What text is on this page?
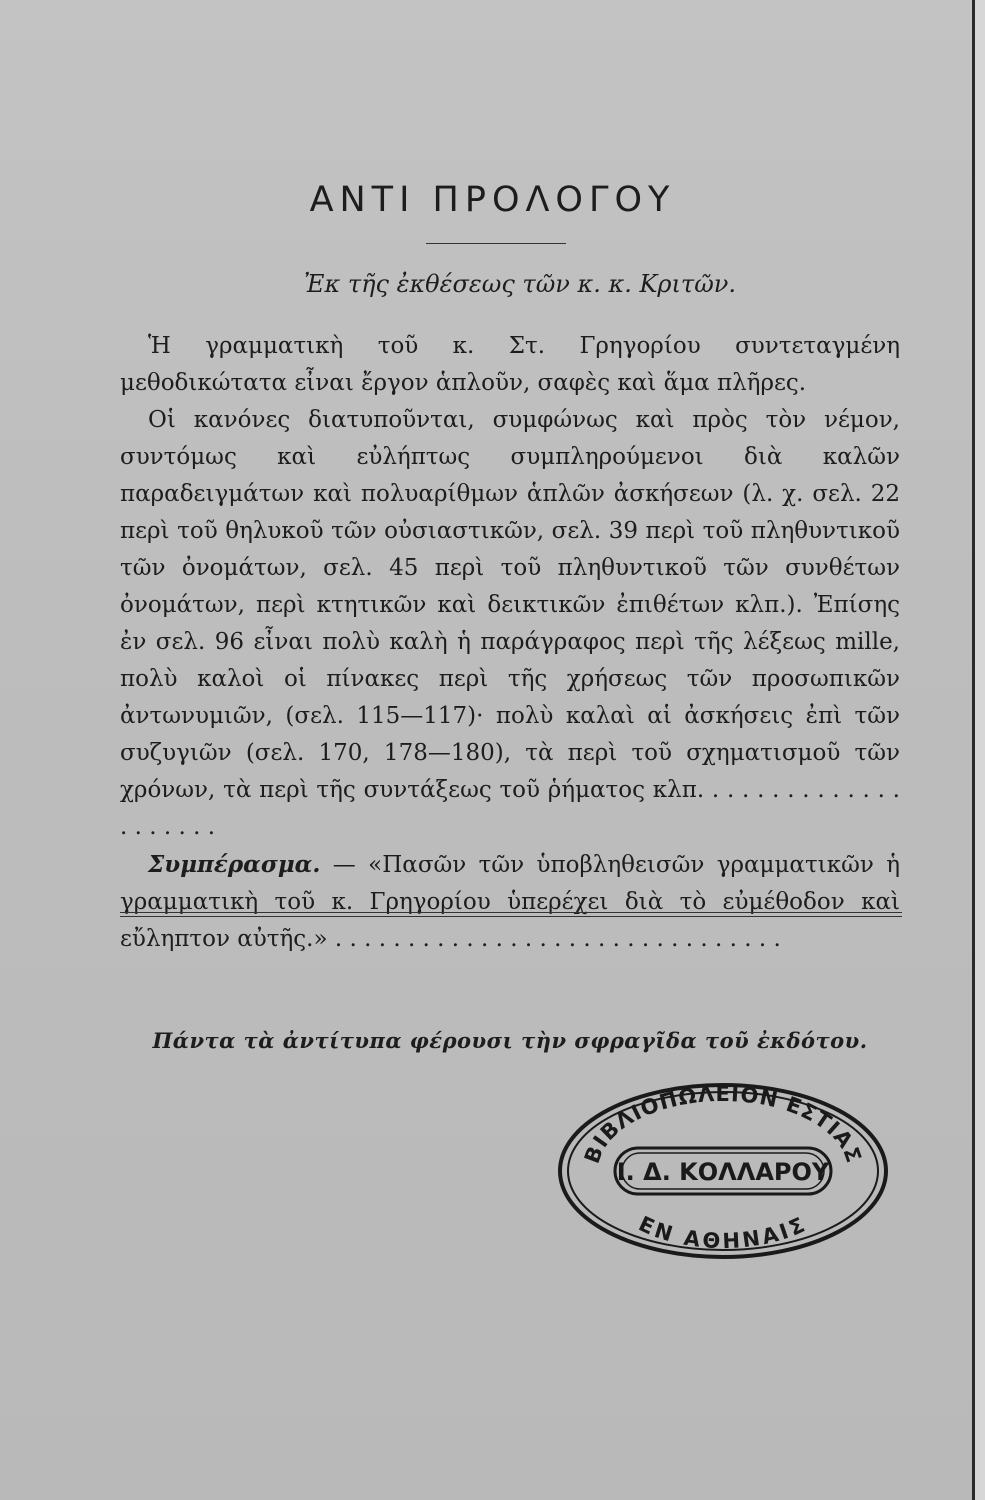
ΑΝΤΙ ΠΡΟΛΟΓΟΥ
Ἐκ τῆς ἐκθέσεως τῶν κ. κ. Κριτῶν.

Ἡ γραμματικὴ τοῦ κ. Στ. Γρηγορίου συντεταγμένη μεθοδικώτατα εἶναι ἔργον ἁπλοῦν, σαφὲς καὶ ἅμα πλῆρες.

Οἱ κανόνες διατυποῦνται, συμφώνως καὶ πρὸς τὸν νέμον, συντόμως καὶ εὐλήπτως συμπληρούμενοι διὰ καλῶν παραδειγμάτων καὶ πολυαρίθμων ἁπλῶν ἀσκήσεων (λ. χ. σελ. 22 περὶ τοῦ θηλυκοῦ τῶν οὐσιαστικῶν, σελ. 39 περὶ τοῦ πληθυντικοῦ τῶν ὀνομάτων, σελ. 45 περὶ τοῦ πληθυντικοῦ τῶν συνθέτων ὀνομάτων, περὶ κτητικῶν καὶ δεικτικῶν ἐπιθέτων κλπ.). Ἐπίσης ἐν σελ. 96 εἶναι πολὺ καλὴ ἡ παράγραφος περὶ τῆς λέξεως mille, πολὺ καλοὶ οἱ πίνακες περὶ τῆς χρήσεως τῶν προσωπικῶν ἀντωνυμιῶν, (σελ. 115—117)· πολὺ καλαὶ αἱ ἀσκήσεις ἐπὶ τῶν συζυγιῶν (σελ. 170, 178—180), τὰ περὶ τοῦ σχηματισμοῦ τῶν χρόνων, τὰ περὶ τῆς συντάξεως τοῦ ῥήματος κλπ. . . . . . . . . . . . . . . . . . . . .

Συμπέρασμα. — «Πασῶν τῶν ὑποβληθεισῶν γραμματικῶν ἡ γραμματικὴ τοῦ κ. Γρηγορίου ὑπερέχει διὰ τὸ εὐμέθοδον καὶ εὔληπτον αὐτῆς.» . . . . . . . . . . . . . . . . . . . . . . . . . . . . . . .

Πάντα τὰ ἀντίτυπα φέρουσι τὴν σφραγῖδα τοῦ ἐκδότου.
ΒΙΒΛΙΟΠΩΛΕΙΟΝ ΕΣΤΙΑΣ
Ι. Δ. ΚΟΛΛΑΡΟΥ
ΕΝ ΑΘΗΝΑΙΣ
